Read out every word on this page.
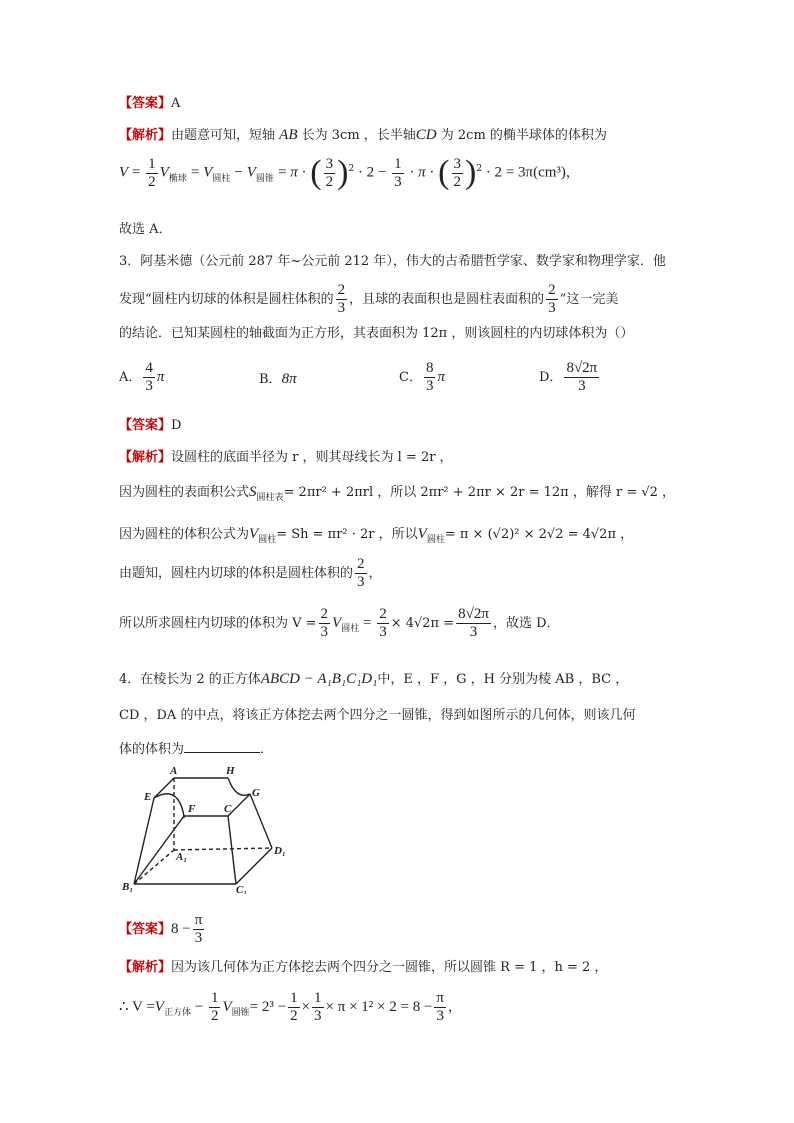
【答案】A
【解析】由题意可知，短轴 AB 长为 3cm ，长半轴CD 为 2cm 的椭半球体的体积为
$V = \frac{1}{2} V_{椭球} = V_{圆柱} - V_{圆锥} = \pi$ · ( $\frac{3}{2} )^2 \cdot 2 - \frac{1}{3} \cdot \pi$ · ( $\frac{3}{2} )^2 \cdot 2 = 3\pi(cm^3)$，
故选 A．
3．阿基米德（公元前 287 年~公元前 212 年），伟大的古希腊哲学家、数学家和物理学家．他
发现“圆柱内切球的体积是圆柱体积的 $\frac{2}{3}$ ，且球的表面积也是圆柱表面积的 $\frac{2}{3}$ ”这一完美
的结论．已知某圆柱的轴截面为正方形，其表面积为 12π ，则该圆柱的内切球体积为（）
A． $\frac{4}{3}$ π	B．8π	C． $\frac{8}{3}$ π	D． $\frac{8√2\pi}{3}$
【答案】D
【解析】设圆柱的底面半径为 r ，则其母线长为 l = 2r ，
因为圆柱的表面积公式$S_{圆柱表}= 2\pi r^2 + 2\pi rl$ ，所以 2πr² + 2πr × 2r = 12π ，解得 r = √2 ，
因为圆柱的体积公式为$V_{圆柱}= Sh = \pi r^2 \cdot 2r$ ，所以$V_{圆柱}= \pi \times (√2)^2 \times 2√2 = 4√2\pi$ ，
由题知，圆柱内切球的体积是圆柱体积的 $\frac{2}{3}$ ，
所以所求圆柱内切球的体积为 $V = \frac{2}{3} V_{圆柱} = \frac{2}{3} \times 4√2\pi = \frac{8√2\pi}{3}$ ，故选 D．
4．在棱长为 2 的正方体ABCD − A₁B₁C₁D₁中，E ，F ，G ，H 分别为棱 AB ，BC ，
CD ，DA 的中点，将该正方体挖去两个四分之一圆锥，得到如图所示的几何体，则该几何
体的体积为	．
A	H
G
E
F	C
A₁	D₁
B₁	C₁
【答案】$8 - \frac{\pi}{3}$
【解析】因为该几何体为正方体挖去两个四分之一圆锥，所以圆锥 R = 1 ，h = 2 ，
∴ $V =V_{正方体} - \frac{1}{2} V_{圆锥}= 2^3 - \frac{1}{2} \times \frac{1}{3} \times \pi \times 1^2 \times 2 = 8 - \frac{\pi}{3}$ ，
